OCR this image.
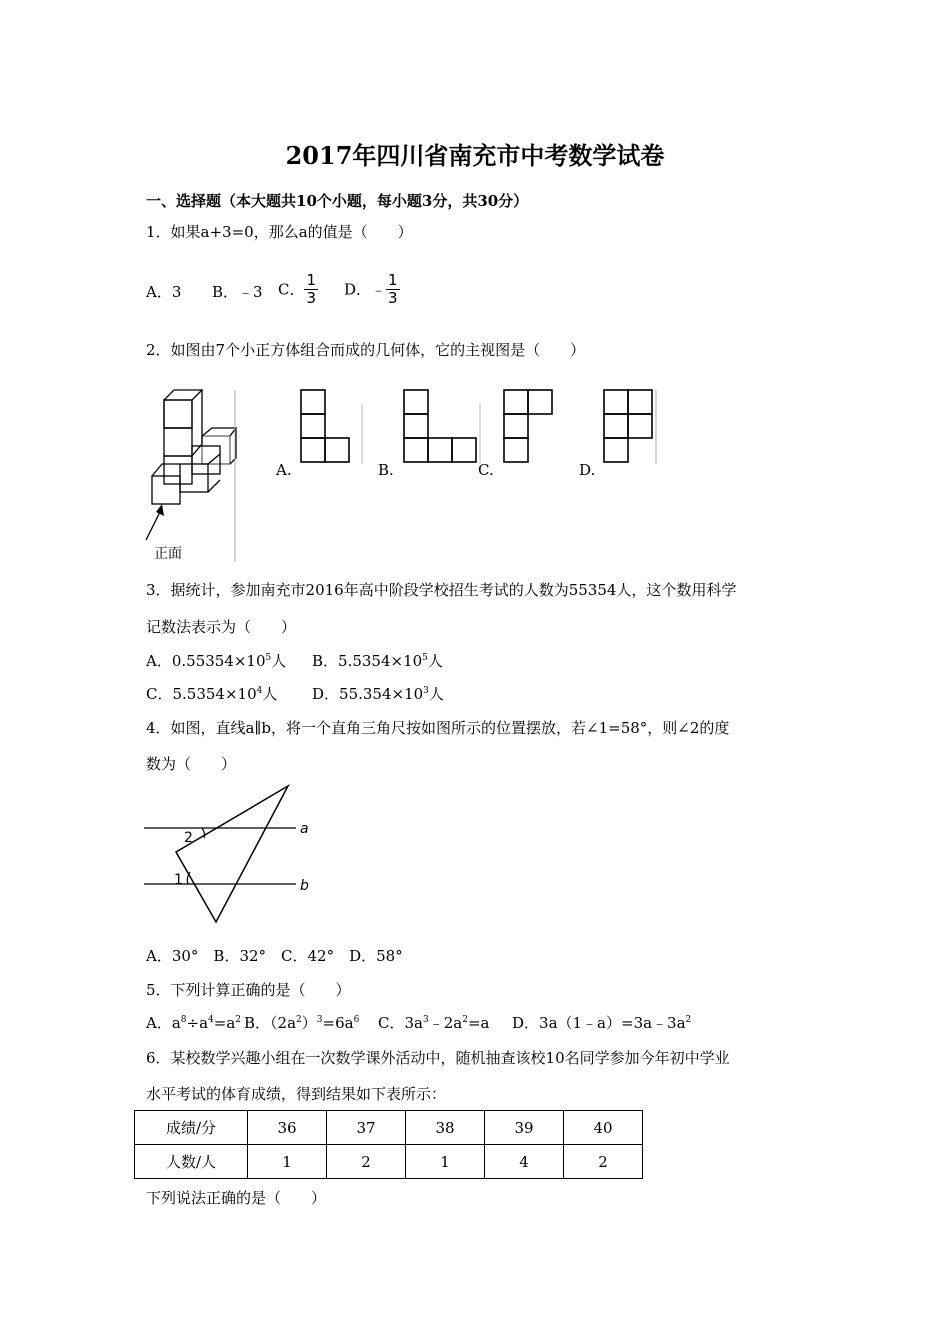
2017年四川省南充市中考数学试卷
一、选择题（本大题共10个小题，每小题3分，共30分）
1．如果a+3=0，那么a的值是（　　）
A．3 B．﹣3 C． $\frac{1}{3}$ D．﹣ $\frac{1}{3}$
2．如图由7个小正方体组合而成的几何体，它的主视图是（　　）
正面
A.	B.	C.	D.
3．据统计，参加南充市2016年高中阶段学校招生考试的人数为55354人，这个数用科学
记数法表示为（　　）
A．$0.55354\times 10^5$人 B．$5.5354\times 10^5$人
C．$5.5354\times 10^4$人 D．$55.354\times 10^3$人
4．如图，直线a∥b，将一个直角三角尺按如图所示的位置摆放，若∠1=58°，则∠2的度
数为（　　）
a
b
1
2
A．30°　B．32°　C．42°　D．58°
5．下列计算正确的是（　　）
A．$a^8\div a^4=a^2$ B．$(2a^2)^3=6a^6$ C．$3a^3﹣2a^2=a$ D．$3a(1﹣a)=3a﹣3a^2$
6．某校数学兴趣小组在一次数学课外活动中，随机抽查该校10名同学参加今年初中学业
水平考试的体育成绩，得到结果如下表所示：
成绩/分	36	37	38	39	40
人数/人	1	2	1	4	2
下列说法正确的是（　　）
